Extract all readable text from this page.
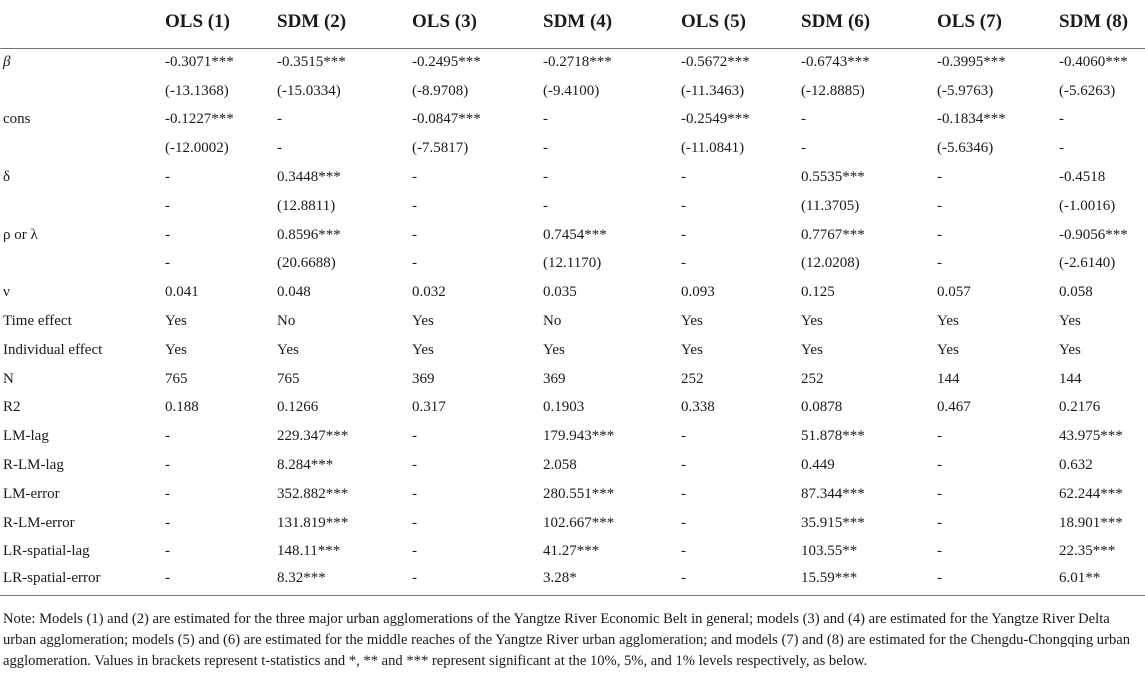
	OLS (1)	SDM (2)	OLS (3)	SDM (4)	OLS (5)	SDM (6)	OLS (7)	SDM (8)
β	-0.3071***	-0.3515***	-0.2495***	-0.2718***	-0.5672***	-0.6743***	-0.3995***	-0.4060***
	(-13.1368)	(-15.0334)	(-8.9708)	(-9.4100)	(-11.3463)	(-12.8885)	(-5.9763)	(-5.6263)
cons	-0.1227***	-	-0.0847***	-	-0.2549***	-	-0.1834***	-
	(-12.0002)	-	(-7.5817)	-	(-11.0841)	-	(-5.6346)	-
δ	-	0.3448***	-	-	-	0.5535***	-	-0.4518
	-	(12.8811)	-	-	-	(11.3705)	-	(-1.0016)
ρ or λ	-	0.8596***	-	0.7454***	-	0.7767***	-	-0.9056***
	-	(20.6688)	-	(12.1170)	-	(12.0208)	-	(-2.6140)
ν	0.041	0.048	0.032	0.035	0.093	0.125	0.057	0.058
Time effect	Yes	No	Yes	No	Yes	Yes	Yes	Yes
Individual effect	Yes	Yes	Yes	Yes	Yes	Yes	Yes	Yes
N	765	765	369	369	252	252	144	144
R2	0.188	0.1266	0.317	0.1903	0.338	0.0878	0.467	0.2176
LM-lag	-	229.347***	-	179.943***	-	51.878***	-	43.975***
R-LM-lag	-	8.284***	-	2.058	-	0.449	-	0.632
LM-error	-	352.882***	-	280.551***	-	87.344***	-	62.244***
R-LM-error	-	131.819***	-	102.667***	-	35.915***	-	18.901***
LR-spatial-lag	-	148.11***	-	41.27***	-	103.55**	-	22.35***
LR-spatial-error	-	8.32***	-	3.28*	-	15.59***	-	6.01**
Note: Models (1) and (2) are estimated for the three major urban agglomerations of the Yangtze River Economic Belt in general; models (3) and (4) are estimated for the Yangtze River Delta urban agglomeration; models (5) and (6) are estimated for the middle reaches of the Yangtze River urban agglomeration; and models (7) and (8) are estimated for the Chengdu-Chongqing urban agglomeration. Values in brackets represent t-statistics and *, ** and *** represent significant at the 10%, 5%, and 1% levels respectively, as below.
